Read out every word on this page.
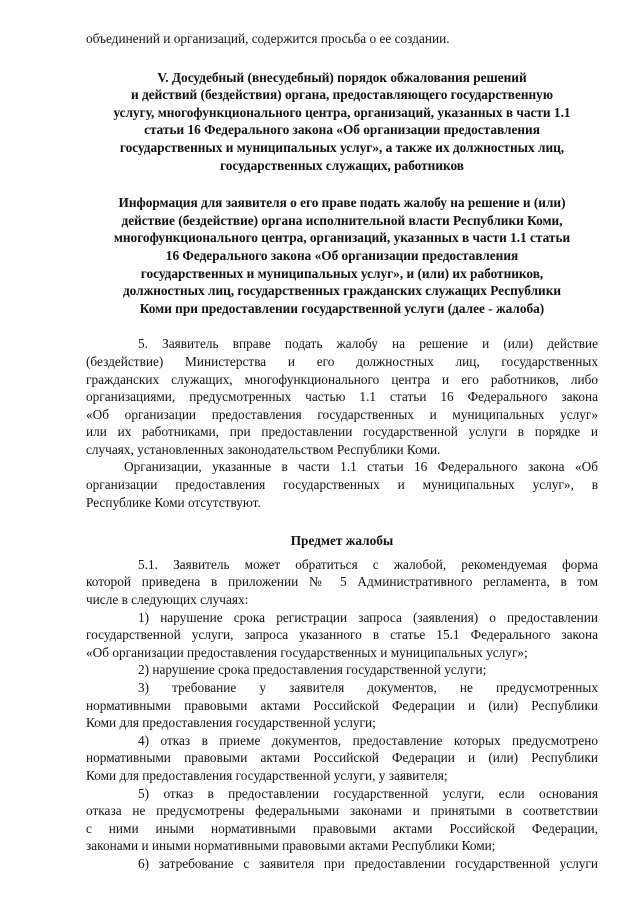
объединений и организаций, содержится просьба о ее создании.

V. Досудебный (внесудебный) порядок обжалования решений
и действий (бездействия) органа, предоставляющего государственную
услугу, многофункционального центра, организаций, указанных в части 1.1
статьи 16 Федерального закона «Об организации предоставления
государственных и муниципальных услуг», а также их должностных лиц,
государственных служащих, работников
Информация для заявителя о его праве подать жалобу на решение и (или)
действие (бездействие) органа исполнительной власти Республики Коми,
многофункционального центра, организаций, указанных в части 1.1 статьи
16 Федерального закона «Об организации предоставления
государственных и муниципальных услуг», и (или) их работников,
должностных лиц, государственных гражданских служащих Республики
Коми при предоставлении государственной услуги (далее - жалоба)
5. Заявитель вправе подать жалобу на решение и (или) действие
(бездействие) Министерства и его должностных лиц, государственных
гражданских служащих, многофункционального центра и его работников, либо
организациями, предусмотренных частью 1.1 статьи 16 Федерального закона
«Об организации предоставления государственных и муниципальных услуг»
или их работниками, при предоставлении государственной услуги в порядке и
случаях, установленных законодательством Республики Коми.
Организации, указанные в части 1.1 статьи 16 Федерального закона «Об
организации предоставления государственных и муниципальных услуг», в
Республике Коми отсутствуют.

Предмет жалобы

5.1. Заявитель может обратиться с жалобой, рекомендуемая форма
которой приведена в приложении № 5 Административного регламента, в том
числе в следующих случаях:
1) нарушение срока регистрации запроса (заявления) о предоставлении
государственной услуги, запроса указанного в статье 15.1 Федерального закона
«Об организации предоставления государственных и муниципальных услуг»;
2) нарушение срока предоставления государственной услуги;
3) требование у заявителя документов, не предусмотренных
нормативными правовыми актами Российской Федерации и (или) Республики
Коми для предоставления государственной услуги;
4) отказ в приеме документов, предоставление которых предусмотрено
нормативными правовыми актами Российской Федерации и (или) Республики
Коми для предоставления государственной услуги, у заявителя;
5) отказ в предоставлении государственной услуги, если основания
отказа не предусмотрены федеральными законами и принятыми в соответствии
с ними иными нормативными правовыми актами Российской Федерации,
законами и иными нормативными правовыми актами Республики Коми;
6) затребование с заявителя при предоставлении государственной услуги
